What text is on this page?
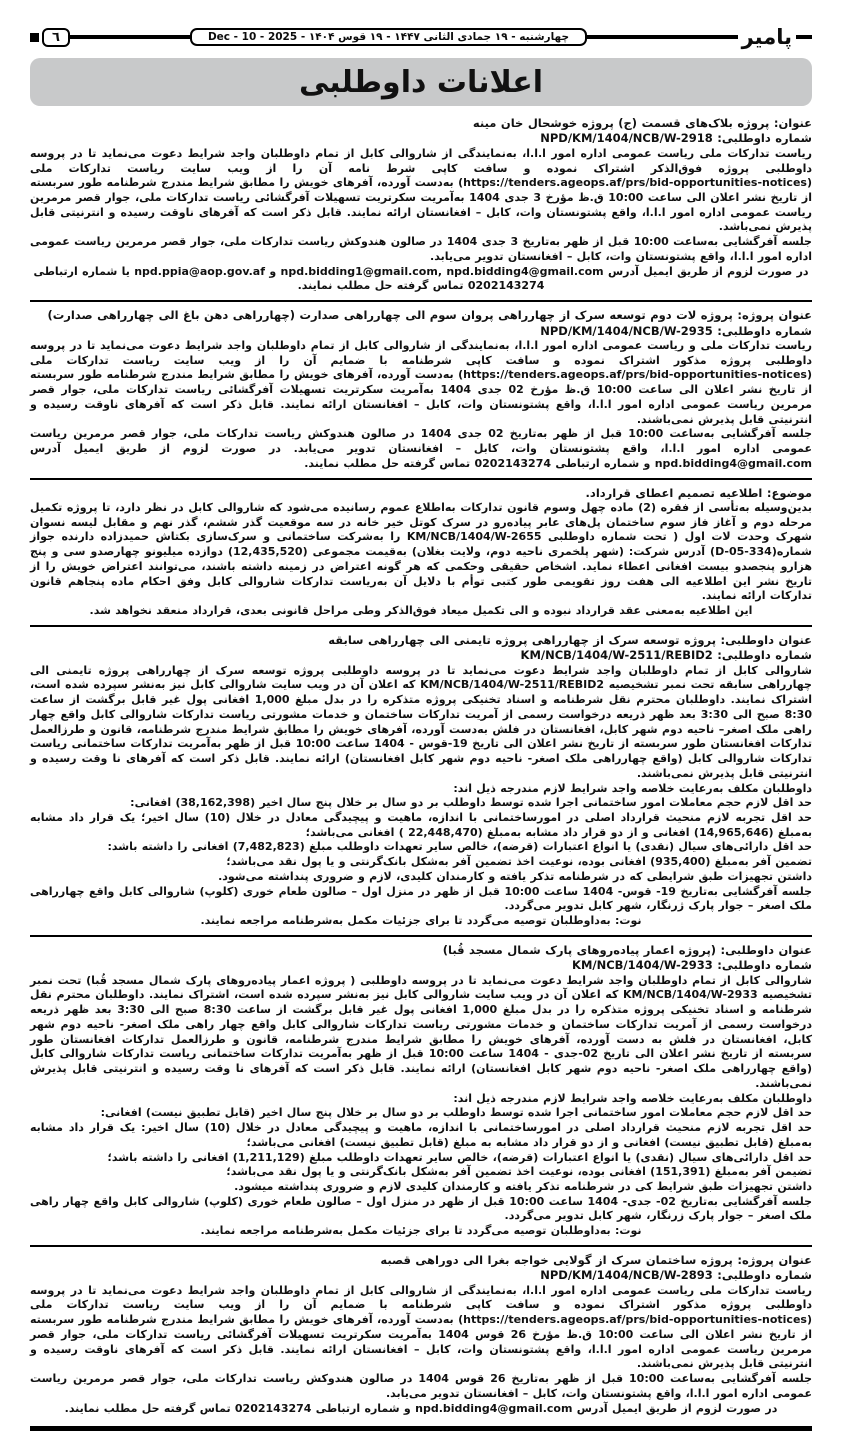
پامیر
چهارشنبه - ۱۹ جمادی الثانی ۱۴۴۷ - ۱۹ قوس ۱۴۰۴ - Dec - 10 - 2025
٦
اعلانات داوطلبی

عنوان: پروژه بلاک‌های قسمت (ج) پروژه خوشحال خان مینه

شماره داوطلبی: NPD/KM/1404/NCB/W-2918

ریاست تدارکات ملی ریاست عمومی اداره امور ا.ا.ا، به‌نمایندگی از شاروالی کابل از تمام داوطلبان واجد شرایط دعوت می‌نماید تا در پروسه داوطلبی پروژه فوق‌الذکر اشتراک نموده و سافت کاپی شرط نامه آن را از ویب سایت ریاست تدارکات ملی (https://tenders.ageops.af/prs/bid-opportunities-notices) به‌دست آورده، آفرهای خویش را مطابق شرایط مندرج شرطنامه طور سربسته از تاریخ نشر اعلان الی ساعت 10:00 ق.ظ مؤرخ 3 جدی 1404 به‌آمریت سکرتریت تسهیلات آفرگشائی ریاست تدارکات ملی، جوار قصر مرمرین ریاست عمومی اداره امور ا.ا.ا، واقع پشتونستان وات، کابل – افغانستان ارائه نمایند. قابل ذکر است که آفرهای ناوقت رسیده و انترنیتی قابل پذیرش نمی‌باشد.

جلسه آفرگشایی به‌ساعت 10:00 قبل از ظهر به‌تاریخ 3 جدی 1404 در صالون هندوکش ریاست تدارکات ملی، جوار قصر مرمرین ریاست عمومی اداره امور ا.ا.ا، واقع پشتونستان وات، کابل – افغانستان تدویر می‌یابد.

در صورت لزوم از طریق ایمیل آدرس npd.bidding1@gmail.com, npd.bidding4@gmail.com و npd.ppia@aop.gov.af یا شماره ارتباطی 0202143274 تماس گرفته حل مطلب نمایند.

عنوان پروژه: پروژه لات دوم توسعه سرک از چهارراهی پروان سوم الی چهارراهی صدارت (چهارراهی دهن باغ الی چهارراهی صدارت)

شماره داوطلبی: NPD/KM/1404/NCB/W-2935

ریاست تدارکات ملی و ریاست عمومی اداره امور ا.ا.ا، به‌نمایندگی از شاروالی کابل از تمام داوطلبان واجد شرایط دعوت می‌نماید تا در پروسه داوطلبی پروژه مذکور اشتراک نموده و سافت کاپی شرطنامه با ضمایم آن را از ویب سایت ریاست تدارکات ملی (https://tenders.ageops.af/prs/bid-opportunities-notices) به‌دست آورده، آفرهای خویش را مطابق شرایط مندرج شرطنامه طور سربسته از تاریخ نشر اعلان الی ساعت 10:00 ق.ظ مؤرخ 02 جدی 1404 به‌آمریت سکرتریت تسهیلات آفرگشائی ریاست تدارکات ملی، جوار قصر مرمرین ریاست عمومی اداره امور ا.ا.ا، واقع پشتونستان وات، کابل – افغانستان ارائه نمایند. قابل ذکر است که آفرهای ناوقت رسیده و انترنیتی قابل پذیرش نمی‌باشند.

جلسه آفرگشایی به‌ساعت 10:00 قبل از ظهر به‌تاریخ 02 جدی 1404 در صالون هندوکش ریاست تدارکات ملی، جوار قصر مرمرین ریاست عمومی اداره امور ا.ا.ا، واقع پشتونستان وات، کابل – افغانستان تدویر می‌یابد. در صورت لزوم از طریق ایمیل آدرس npd.bidding4@gmail.com و شماره ارتباطی 0202143274 تماس گرفته حل مطلب نمایند.

موضوع: اطلاعیه تصمیم اعطای قرارداد.

بدین‌وسیله به‌تأسی از فقره (2) ماده چهل وسوم قانون تدارکات به‌اطلاع عموم رسانیده می‌شود که شاروالی کابل در نظر دارد، تا پروژه تکمیل مرحله دوم و آغاز فاز سوم ساختمان پل‌های عابر پیاده‌رو در سرک کوتل خیر خانه در سه موقعیت گذر ششم، گذر نهم و مقابل لیسه نسوان شهرک وحدت لات اول ( تحت شماره داوطلبی KM/NCB/1404/W-2655 را به‌شرکت ساختمانی و سرک‌سازی بکتاش حمیدزاده دارنده جواز شماره(D-05-334) آدرس شرکت: (شهر پلخمری ناحیه دوم، ولایت بغلان) به‌قیمت مجموعی (12,435,520) دوازده میلیونو چهارصدو سی و پنج هزارو پنجصدو بیست افغانی اعطاء نماید. اشخاص حقیقی وحکمی که هر گونه اعتراض در زمینه داشته باشند، می‌توانند اعتراض خویش را از تاریخ نشر این اطلاعیه الی هفت روز تقویمی طور کتبی توأم با دلایل آن به‌ریاست تدارکات شاروالی کابل وفق احکام ماده پنجاهم قانون تدارکات ارائه نمایند.

این اطلاعیه به‌معنی عقد قرارداد نبوده و الی تکمیل میعاد فوق‌الذکر وطی مراحل قانونی بعدی، قرارداد منعقد نخواهد شد.

عنوان داوطلبی: پروژه توسعه سرک از چهارراهی پروژه تایمنی الی چهارراهی سابقه

شماره داوطلبی: KM/NCB/1404/W-2511/REBID2

شاروالی کابل از تمام داوطلبان واجد شرایط دعوت می‌نماید تا در پروسه داوطلبی پروژه توسعه سرک از چهارراهی پروژه تایمنی الی چهارراهی سابقه تحت نمبر تشخیصیه KM/NCB/1404/W-2511/REBID2 که اعلان آن در ویب سایت شاروالی کابل نیز به‌نشر سپرده شده است، اشتراک نمایند. داوطلبان محترم نقل شرطنامه و اسناد تخنیکی پروژه متذکره را در بدل مبلغ 1,000 افغانی پول غیر قابل برگشت از ساعت 8:30 صبح الی 3:30 بعد ظهر ذریعه درخواست رسمی از آمریت تدارکات ساختمان و خدمات مشورتی ریاست تدارکات شاروالی کابل واقع چهار راهی ملک اصغر– ناحیه دوم شهر کابل، افغانستان در فلش به‌دست آورده، آفرهای خویش را مطابق شرایط مندرج شرطنامه، قانون و طرزالعمل تدارکات افغانستان طور سربسته از تاریخ نشر اعلان الی تاریخ 19-قوس - 1404 ساعت 10:00 قبل از ظهر به‌آمریت تدارکات ساختمانی ریاست تدارکات شاروالی کابل (واقع چهارراهی ملک اصغر- ناحیه دوم شهر کابل افغانستان) ارائه نمایند. قابل ذکر است که آفرهای نا وقت رسیده و انترنیتی قابل پذیرش نمی‌باشند.

داوطلبان مکلف به‌رعایت خلاصه واجد شرایط لازم مندرجه ذیل اند:

حد اقل لازم حجم معاملات امور ساختمانی اجرا شده توسط داوطلب بر دو سال بر خلال پنج سال اخیر (38,162,398) افغانی:

حد اقل تجربه لازم منحیث قرارداد اصلی در امورساختمانی با اندازه، ماهیت و پیچیدگی معادل در خلال (10) سال اخیر؛ یک قرار داد مشابه به‌مبلغ (14,965,646) افغانی و از دو قرار داد مشابه به‌مبلغ (22,448,470 ) افغانی می‌باشد؛

حد اقل دارائی‌های سیال (نقدی) یا انواع اعتبارات (قرضه)، خالص سایر تعهدات داوطلب مبلغ (7,482,823) افغانی را داشته باشد:

تضمین آفر به‌مبلغ (935,400) افغانی بوده، نوعیت اخذ تضمین آفر به‌شکل بانک‌گرنتی و یا پول نقد می‌باشد؛

داشتن تجهیزات طبق شرایطی که در شرطنامه تذکر یافته و کارمندان کلیدی، لازم و ضروری پنداشته می‌شود.

جلسه آفرگشایی به‌تاریخ 19- قوس- 1404 ساعت 10:00 قبل از ظهر در منزل اول – صالون طعام خوری (کلوپ) شاروالی کابل واقع چهارراهی ملک اصغر – جوار پارک ژرنگار، شهر کابل تدویر می‌گردد.

نوت: به‌داوطلبان توصیه می‌گردد تا برای جزئیات مکمل به‌شرطنامه مراجعه نمایند.

عنوان داوطلبی: (پروژه اعمار پیاده‌روهای پارک شمال مسجد قُبا)

شماره داوطلبی: KM/NCB/1404/W-2933

شاروالی کابل از تمام داوطلبان واجد شرایط دعوت می‌نماید تا در پروسه داوطلبی ( پروژه اعمار پیاده‌روهای پارک شمال مسجد قُبا) تحت نمبر تشخیصیه KM/NCB/1404/W-2933 که اعلان آن در ویب سایت شاروالی کابل نیز به‌نشر سپرده شده است، اشتراک نمایند. داوطلبان محترم نقل شرطنامه و اسناد تخنیکی پروژه متذکره را در بدل مبلغ 1,000 افغانی پول غیر قابل برگشت از ساعت 8:30 صبح الی 3:30 بعد ظهر ذریعه درخواست رسمی از آمریت تدارکات ساختمان و خدمات مشورتی ریاست تدارکات شاروالی کابل واقع چهار راهی ملک اصغر- ناحیه دوم شهر کابل، افغانستان در فلش به دست آورده، آفرهای خویش را مطابق شرایط مندرج شرطنامه، قانون و طرزالعمل تدارکات افغانستان طور سربسته از تاریخ نشر اعلان الی تاریخ 02-جدی - 1404 ساعت 10:00 قبل از ظهر به‌آمریت تدارکات ساختمانی ریاست تدارکات شاروالی کابل (واقع چهارراهی ملک اصغر- ناحیه دوم شهر کابل افغانستان) ارائه نمایند. قابل ذکر است که آفرهای نا وقت رسیده و انترنیتی قابل پذیرش نمی‌باشند.

داوطلبان مکلف به‌رعایت خلاصه واجد شرایط لازم مندرجه ذیل اند:

حد اقل لازم حجم معاملات امور ساختمانی اجرا شده توسط داوطلب بر دو سال بر خلال پنج سال اخیر (قابل تطبیق نیست) افغانی:

حد اقل تجربه لازم منحیث قرارداد اصلی در امورساختمانی با اندازه، ماهیت و پیچیدگی معادل در خلال (10) سال اخیر: یک قرار داد مشابه به‌مبلغ (قابل تطبیق نیست) افغانی و از دو قرار داد مشابه به مبلغ (قابل تطبیق نیست) افغانی می‌باشد؛

حد اقل دارائی‌های سیال (نقدی) یا انواع اعتبارات (قرضه)، خالص سایر تعهدات داوطلب مبلغ (1,211,129) افغانی را داشته باشد؛

تضیمن آفر به‌مبلغ (151,391) افغانی بوده، نوعیت اخذ تضمین آفر به‌شکل بانک‌گرنتی و یا پول نقد می‌باشد؛

داشتن تجهیزات طبق شرایط کی در شرطنامه تذکر یافته و کارمندان کلیدی لازم و ضروری پنداشته میشود.

جلسه آفرگشایی به‌تاریخ 02- جدی- 1404 ساعت 10:00 قبل از ظهر در منزل اول – صالون طعام خوری (کلوپ) شاروالی کابل واقع چهار راهی ملک اصغر – جوار پارک زرنگار، شهر کابل تدویر می‌گردد.

نوت: به‌داوطلبان توصیه می‌گردد تا برای جزئیات مکمل به‌شرطنامه مراجعه نمایند.

عنوان پروژه: پروژه ساختمان سرک از گولایی خواجه بغرا الی دوراهی قصبه

شماره داوطلبی: NPD/KM/1404/NCB/W-2893

ریاست تدارکات ملی ریاست عمومی اداره امور ا.ا.ا، به‌نمایندگی از شاروالی کابل از تمام داوطلبان واجد شرایط دعوت می‌نماید تا در پروسه داوطلبی پروژه مذکور اشتراک نموده و سافت کاپی شرطنامه با ضمایم آن را از ویب سایت ریاست تدارکات ملی (https://tenders.ageops.af/prs/bid-opportunities-notices) به‌دست آورده، آفرهای خویش را مطابق شرایط مندرج شرطنامه طور سربسته از تاریخ نشر اعلان الی ساعت 10:00 ق.ظ مؤرخ 26 قوس 1404 به‌آمریت سکرتریت تسهیلات آفرگشائی ریاست تدارکات ملی، جوار قصر مرمرین ریاست عمومی اداره امور ا.ا.ا، واقع پشتونستان وات، کابل – افغانستان ارائه نمایند. قابل ذکر است که آفرهای ناوقت رسیده و انترنیتی قابل پذیرش نمی‌باشند.

جلسه آفرگشایی به‌ساعت 10:00 قبل از ظهر به‌تاریخ 26 قوس 1404 در صالون هندوکش ریاست تدارکات ملی، جوار قصر مرمرین ریاست عمومی اداره امور ا.ا.ا، واقع پشتونستان وات، کابل – افغانستان تدویر می‌یابد.

در صورت لزوم از طریق ایمیل آدرس npd.bidding4@gmail.com و شماره ارتباطی 0202143274 تماس گرفته حل مطلب نمایند.
